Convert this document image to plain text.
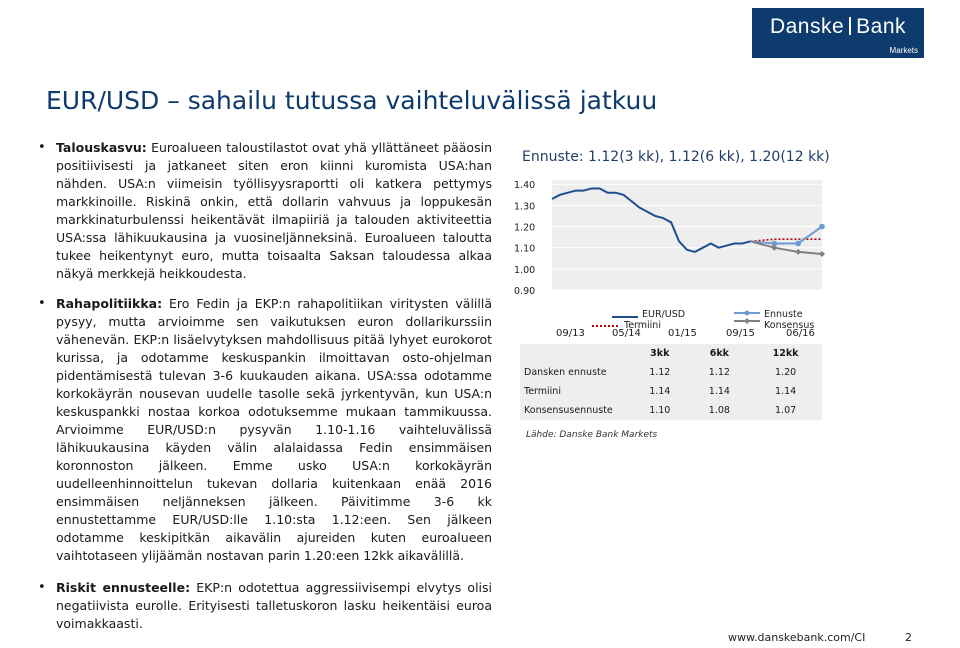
Danske Bank
Markets
EUR/USD – sahailu tutussa vaihteluvälissä jatkuu
• Talouskasvu: Euroalueen taloustilastot ovat yhä yllättäneet pääosin positiivisesti ja jatkaneet siten eron kiinni kuromista USA:han nähden. USA:n viimeisin työllisyysraportti oli katkera pettymys markkinoille. Riskinä onkin, että dollarin vahvuus ja loppukesän markkinaturbulenssi heikentävät ilmapiiriä ja talouden aktiviteettia USA:ssa lähikuukausina ja vuosineljänneksinä. Euroalueen taloutta tukee heikentynyt euro, mutta toisaalta Saksan taloudessa alkaa näkyä merkkejä heikkoudesta.
• Rahapolitiikka: Ero Fedin ja EKP:n rahapolitiikan viritysten välillä pysyy, mutta arvioimme sen vaikutuksen euron dollarikurssiin vähenevän. EKP:n lisäelvytyksen mahdollisuus pitää lyhyet eurokorot kurissa, ja odotamme keskuspankin ilmoittavan osto-ohjelman pidentämisestä tulevan 3-6 kuukauden aikana. USA:ssa odotamme korkokäyrän nousevan uudelle tasolle sekä jyrkentyvän, kun USA:n keskuspankki nostaa korkoa odotuksemme mukaan tammikuussa. Arvioimme EUR/USD:n pysyvän 1.10-1.16 vaihteluvälissä lähikuukausina käyden välin alalaidassa Fedin ensimmäisen koronnoston jälkeen. Emme usko USA:n korkokäyrän uudelleenhinnoittelun tukevan dollaria kuitenkaan enää 2016 ensimmäisen neljänneksen jälkeen. Päivitimme 3-6 kk ennustettamme EUR/USD:lle 1.10:sta 1.12:een. Sen jälkeen odotamme keskipitkän aikavälin ajureiden kuten euroalueen vaihtotaseen ylijäämän nostavan parin 1.20:een 12kk aikavälillä.
• Riskit ennusteelle: EKP:n odotettua aggressiivisempi elvytys olisi negatiivista eurolle. Erityisesti talletuskoron lasku heikentäisi euroa voimakkaasti.
Ennuste: 1.12(3 kk), 1.12(6 kk), 1.20(12 kk)
1.40
1.30
1.20
1.10
1.00
0.90
EUR/USD
Termiini
Ennuste
Konsensus
09/13	05/14	01/15	09/15	06/16
	3kk	6kk	12kk
Dansken ennuste	1.12	1.12	1.20
Termiini	1.14	1.14	1.14
Konsensusennuste	1.10	1.08	1.07
Lähde: Danske Bank Markets
www.danskebank.com/CI	2
